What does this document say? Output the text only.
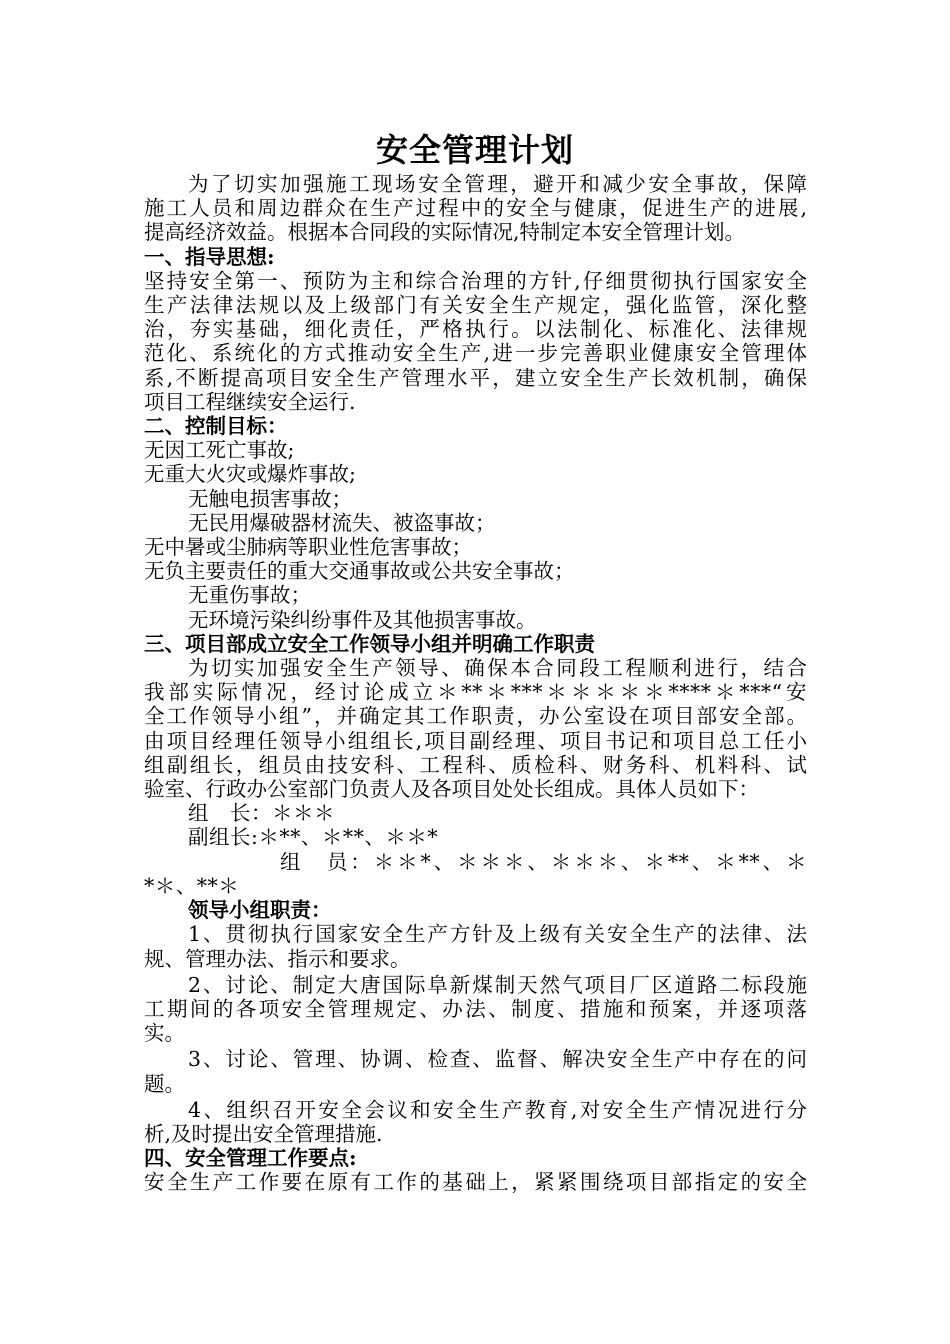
安全管理计划
为了切实加强施工现场安全管理，避开和减少安全事故，保障
施工人员和周边群众在生产过程中的安全与健康，促进生产的进展,
提高经济效益。根据本合同段的实际情况,特制定本安全管理计划。
一、指导思想:
坚持安全第一、预防为主和综合治理的方针,仔细贯彻执行国家安全
生产法律法规以及上级部门有关安全生产规定，强化监管，深化整
治，夯实基础，细化责任，严格执行。以法制化、标准化、法律规
范化、系统化的方式推动安全生产,进一步完善职业健康安全管理体
系,不断提高项目安全生产管理水平，建立安全生产长效机制，确保
项目工程继续安全运行.
二、控制目标：
无因工死亡事故;
无重大火灾或爆炸事故;
无触电损害事故；
无民用爆破器材流失、被盗事故；
无中暑或尘肺病等职业性危害事故；
无负主要责任的重大交通事故或公共安全事故；
无重伤事故；
无环境污染纠纷事件及其他损害事故。
三、项目部成立安全工作领导小组并明确工作职责
为切实加强安全生产领导、确保本合同段工程顺利进行，结合
我部实际情况，经讨论成立＊**＊***＊＊＊＊＊****＊***“安
全工作领导小组”，并确定其工作职责，办公室设在项目部安全部。
由项目经理任领导小组组长,项目副经理、项目书记和项目总工任小
组副组长，组员由技安科、工程科、质检科、财务科、机料科、试
验室、行政办公室部门负责人及各项目处处长组成。具体人员如下：
组　长：＊＊＊
副组长:＊**、＊**、＊＊*
组　员：＊＊*、＊＊＊、＊＊＊、＊**、＊**、＊
*＊、**＊
领导小组职责：
1、贯彻执行国家安全生产方针及上级有关安全生产的法律、法
规、管理办法、指示和要求。
2、讨论、制定大唐国际阜新煤制天然气项目厂区道路二标段施
工期间的各项安全管理规定、办法、制度、措施和预案，并逐项落
实。
3、讨论、管理、协调、检查、监督、解决安全生产中存在的问
题。
4、组织召开安全会议和安全生产教育,对安全生产情况进行分
析,及时提出安全管理措施.
四、安全管理工作要点:
安全生产工作要在原有工作的基础上，紧紧围绕项目部指定的安全
